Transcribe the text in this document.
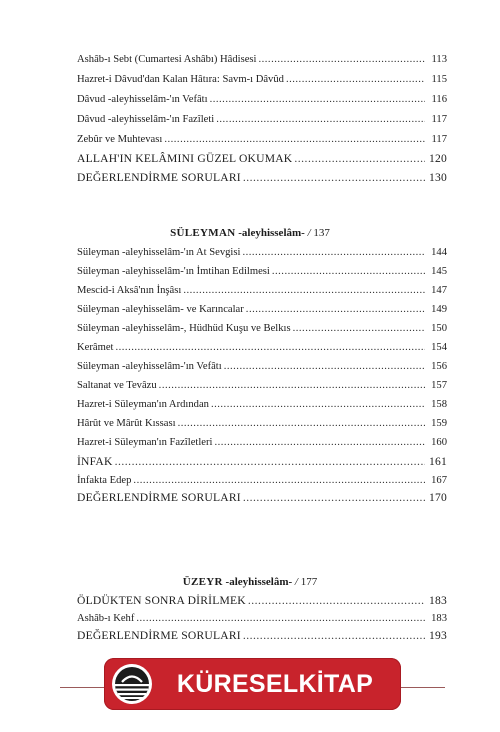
Ashâb-ı Sebt (Cumartesi Ashâbı) Hâdisesi .....	113
Hazret-i Dâvud'dan Kalan Hâtıra: Savm-ı Dâvûd .....	115
Dâvud -aleyhisselâm-'ın Vefâtı .....	116
Dâvud -aleyhisselâm-'ın Fazîleti .....	117
Zebûr ve Muhtevası .....	117
ALLAH'IN KELÂMINI GÜZEL OKUMAK .....	120
DEĞERLENDİRME SORULARI .....	130
SÜLEYMAN -aleyhisselâm- / 137
Süleyman -aleyhisselâm-'ın At Sevgisi .....	144
Süleyman -aleyhisselâm-'ın İmtihan Edilmesi .....	145
Mescid-i Aksâ'nın İnşâsı .....	147
Süleyman -aleyhisselâm- ve Karıncalar .....	149
Süleyman -aleyhisselâm-, Hüdhüd Kuşu ve Belkıs .....	150
Kerâmet .....	154
Süleyman -aleyhisselâm-'ın Vefâtı .....	156
Saltanat ve Tevâzu .....	157
Hazret-i Süleyman'ın Ardından .....	158
Hârût ve Mârût Kıssası .....	159
Hazret-i Süleyman'ın Fazîletleri .....	160
İNFAK .....	161
İnfakta Edep .....	167
DEĞERLENDİRME SORULARI .....	170
ÜZEYR -aleyhisselâm- / 177
ÖLDÜKTEN SONRA DİRİLMEK .....	183
Ashâb-ı Kehf .....	183
DEĞERLENDİRME SORULARI .....	193
KÜRESELKİTAP
